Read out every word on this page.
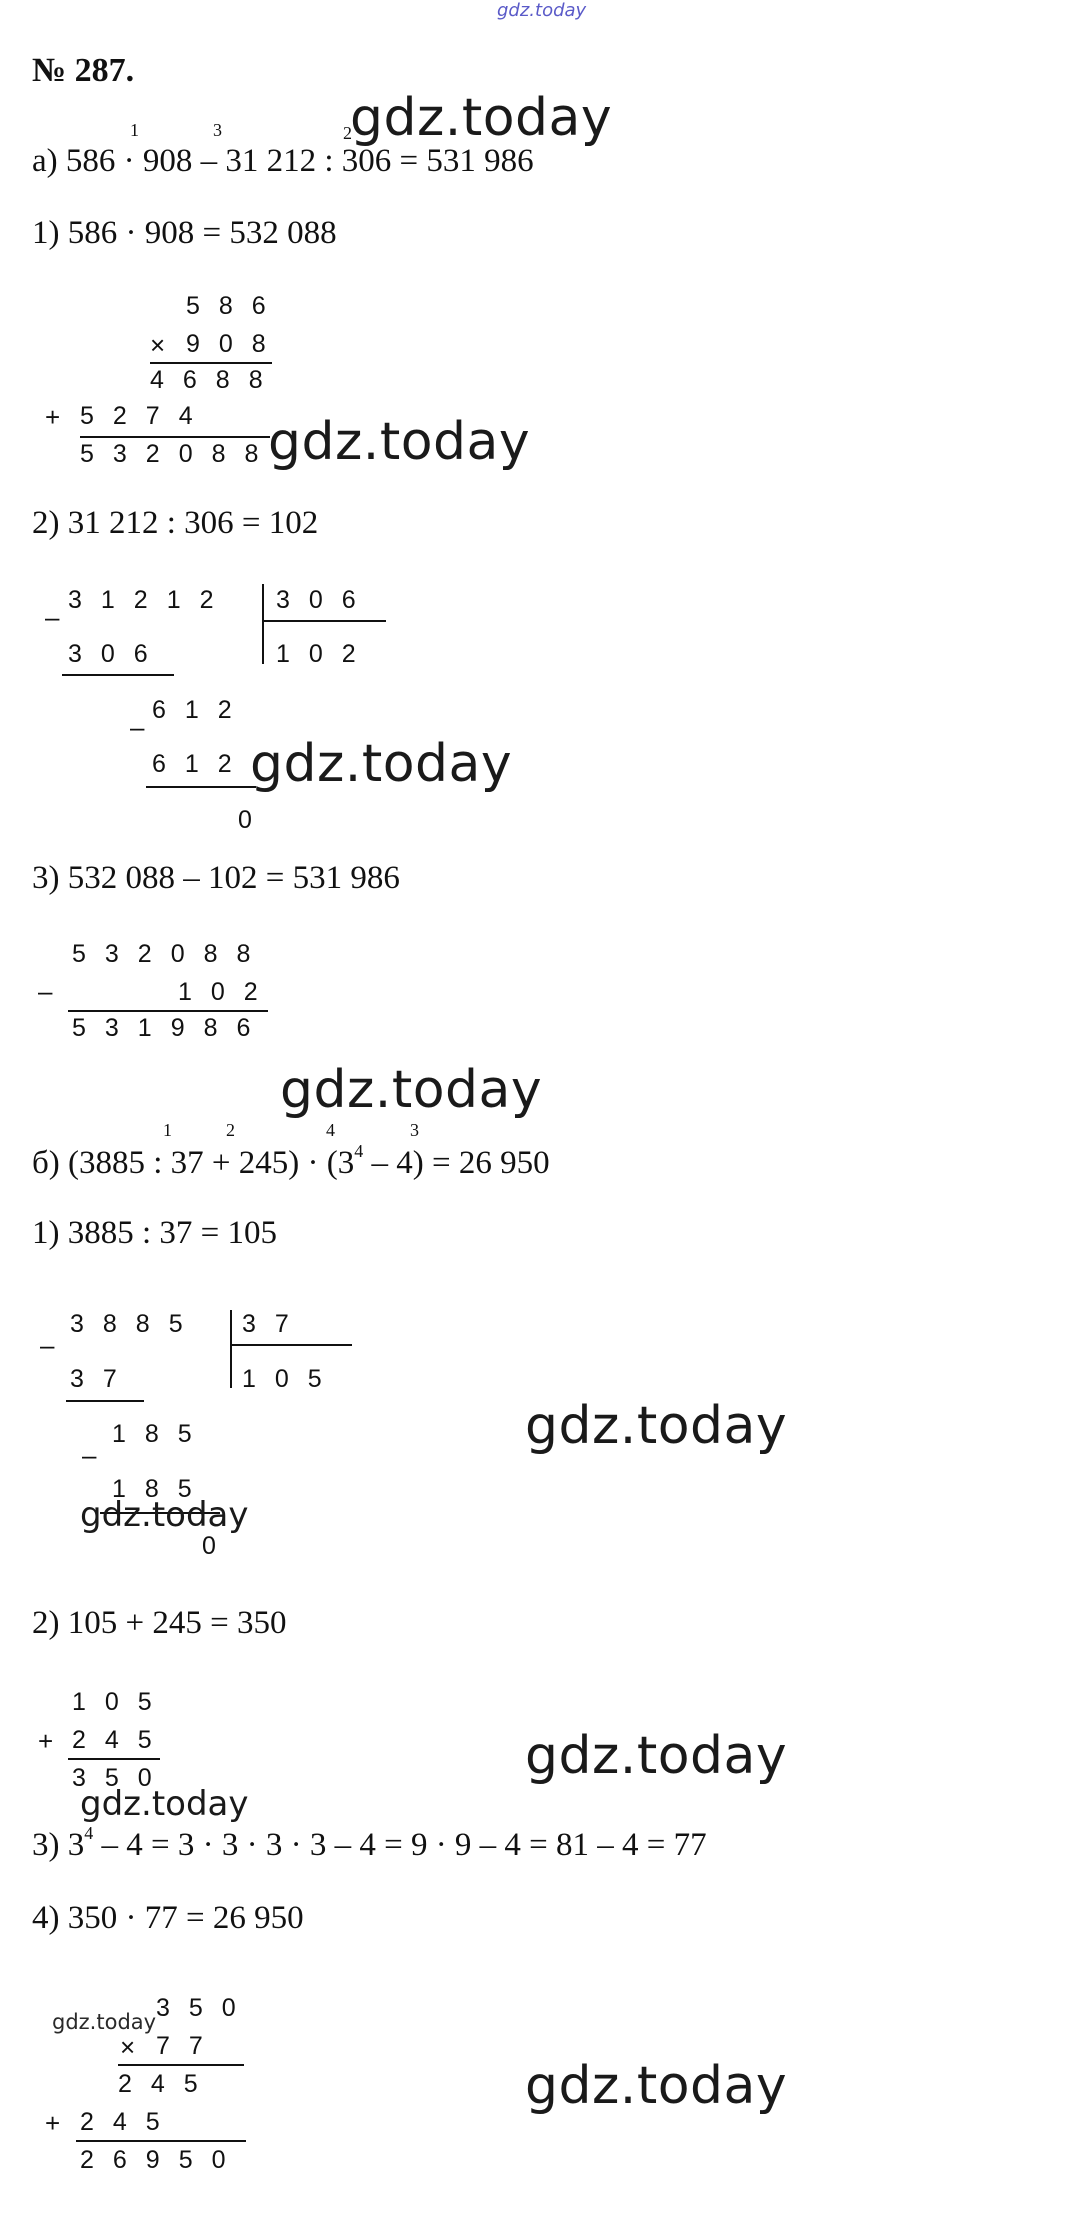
gdz.today
№ 287.
1	3	2
gdz.today
а) 586 · 908 – 31 212 : 306 = 531 986
1) 586 · 908 = 532 088
586
× 908
4688
+ 5274
532088
gdz.today
2) 31 212 : 306 = 102
–
31212 306
102
306
612
–
612
0
gdz.today
3) 532 088 – 102 = 531 986
532088
–	102
531986
gdz.today
1	2	4	3
б) (3885 : $37 + 245) \cdot (3^4 - 4) = 26$ 950
1) 3885 : 37 = 105
–
3885 37
105
37
185
–
185
0
gdz.today
gdz.today
2) 105 + 245 = 350
105
+ 245
350	gdz.today
gdz.today
3) $3^4 - 4 = 3 \cdot 3 \cdot 3 \cdot 3 - 4 = 9 \cdot 9 - 4 = 81 - 4 = 77$
4) 350 · 77 = 26 950
gdz.today 350
× 77
245
+ 245
26950
gdz.today
